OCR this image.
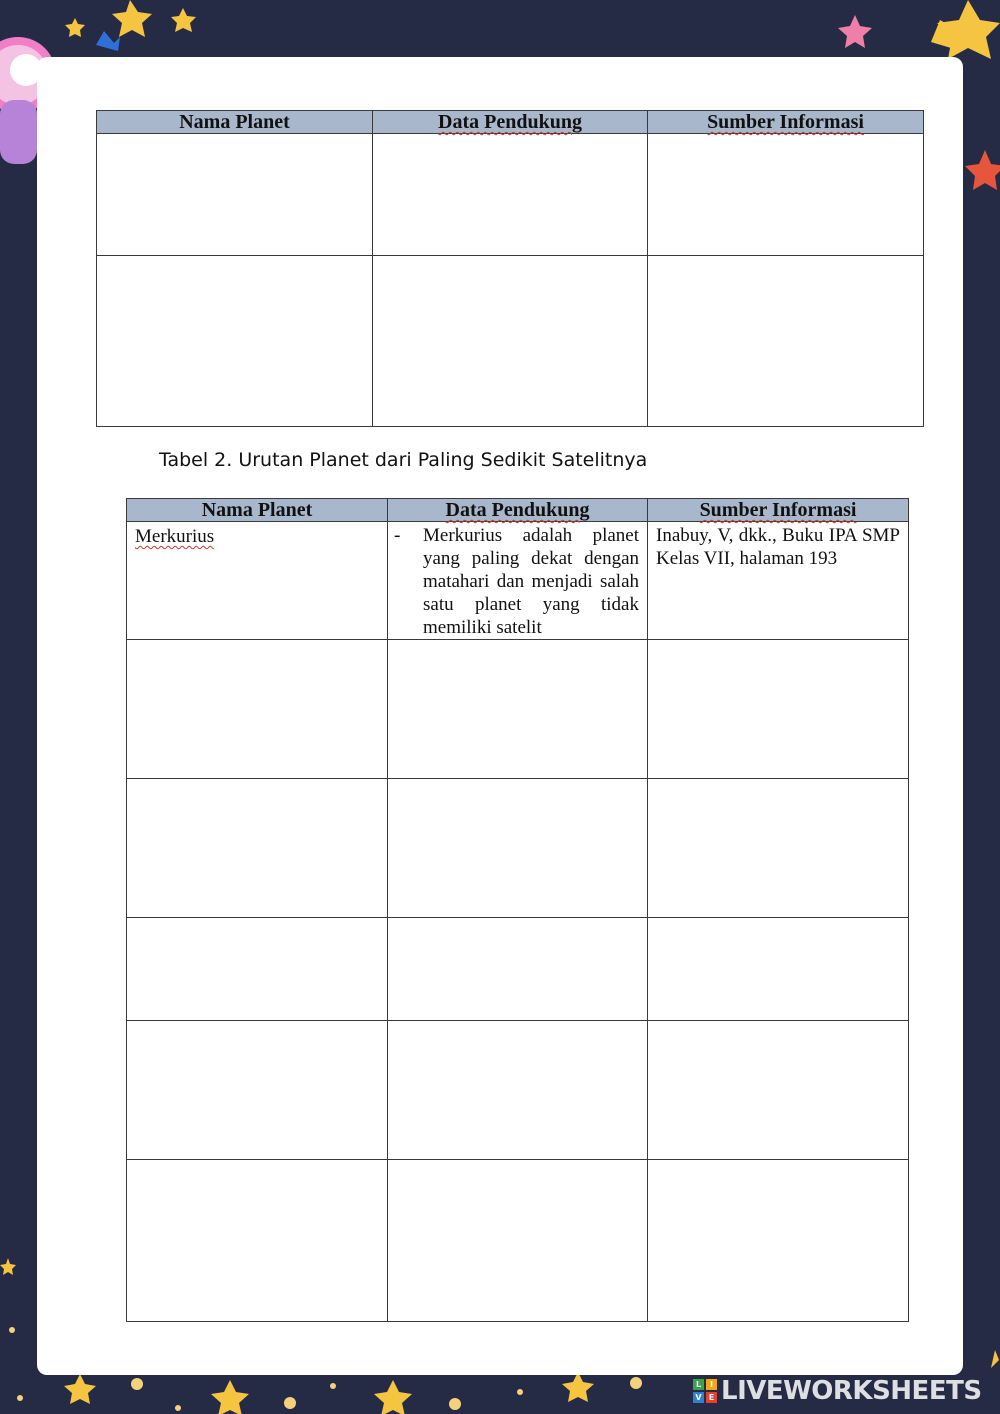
Nama Planet	Data Pendukung	Sumber Informasi

Tabel 2. Urutan Planet dari Paling Sedikit Satelitnya
Nama Planet	Data Pendukung	Sumber Informasi
Merkurius	- Merkurius adalah planet yang paling dekat dengan matahari dan menjadi salah satu planet yang tidak memiliki satelit	Inabuy, V, dkk., Buku IPA SMP Kelas VII, halaman 193

L	I
V E LIVEWORKSHEETS
